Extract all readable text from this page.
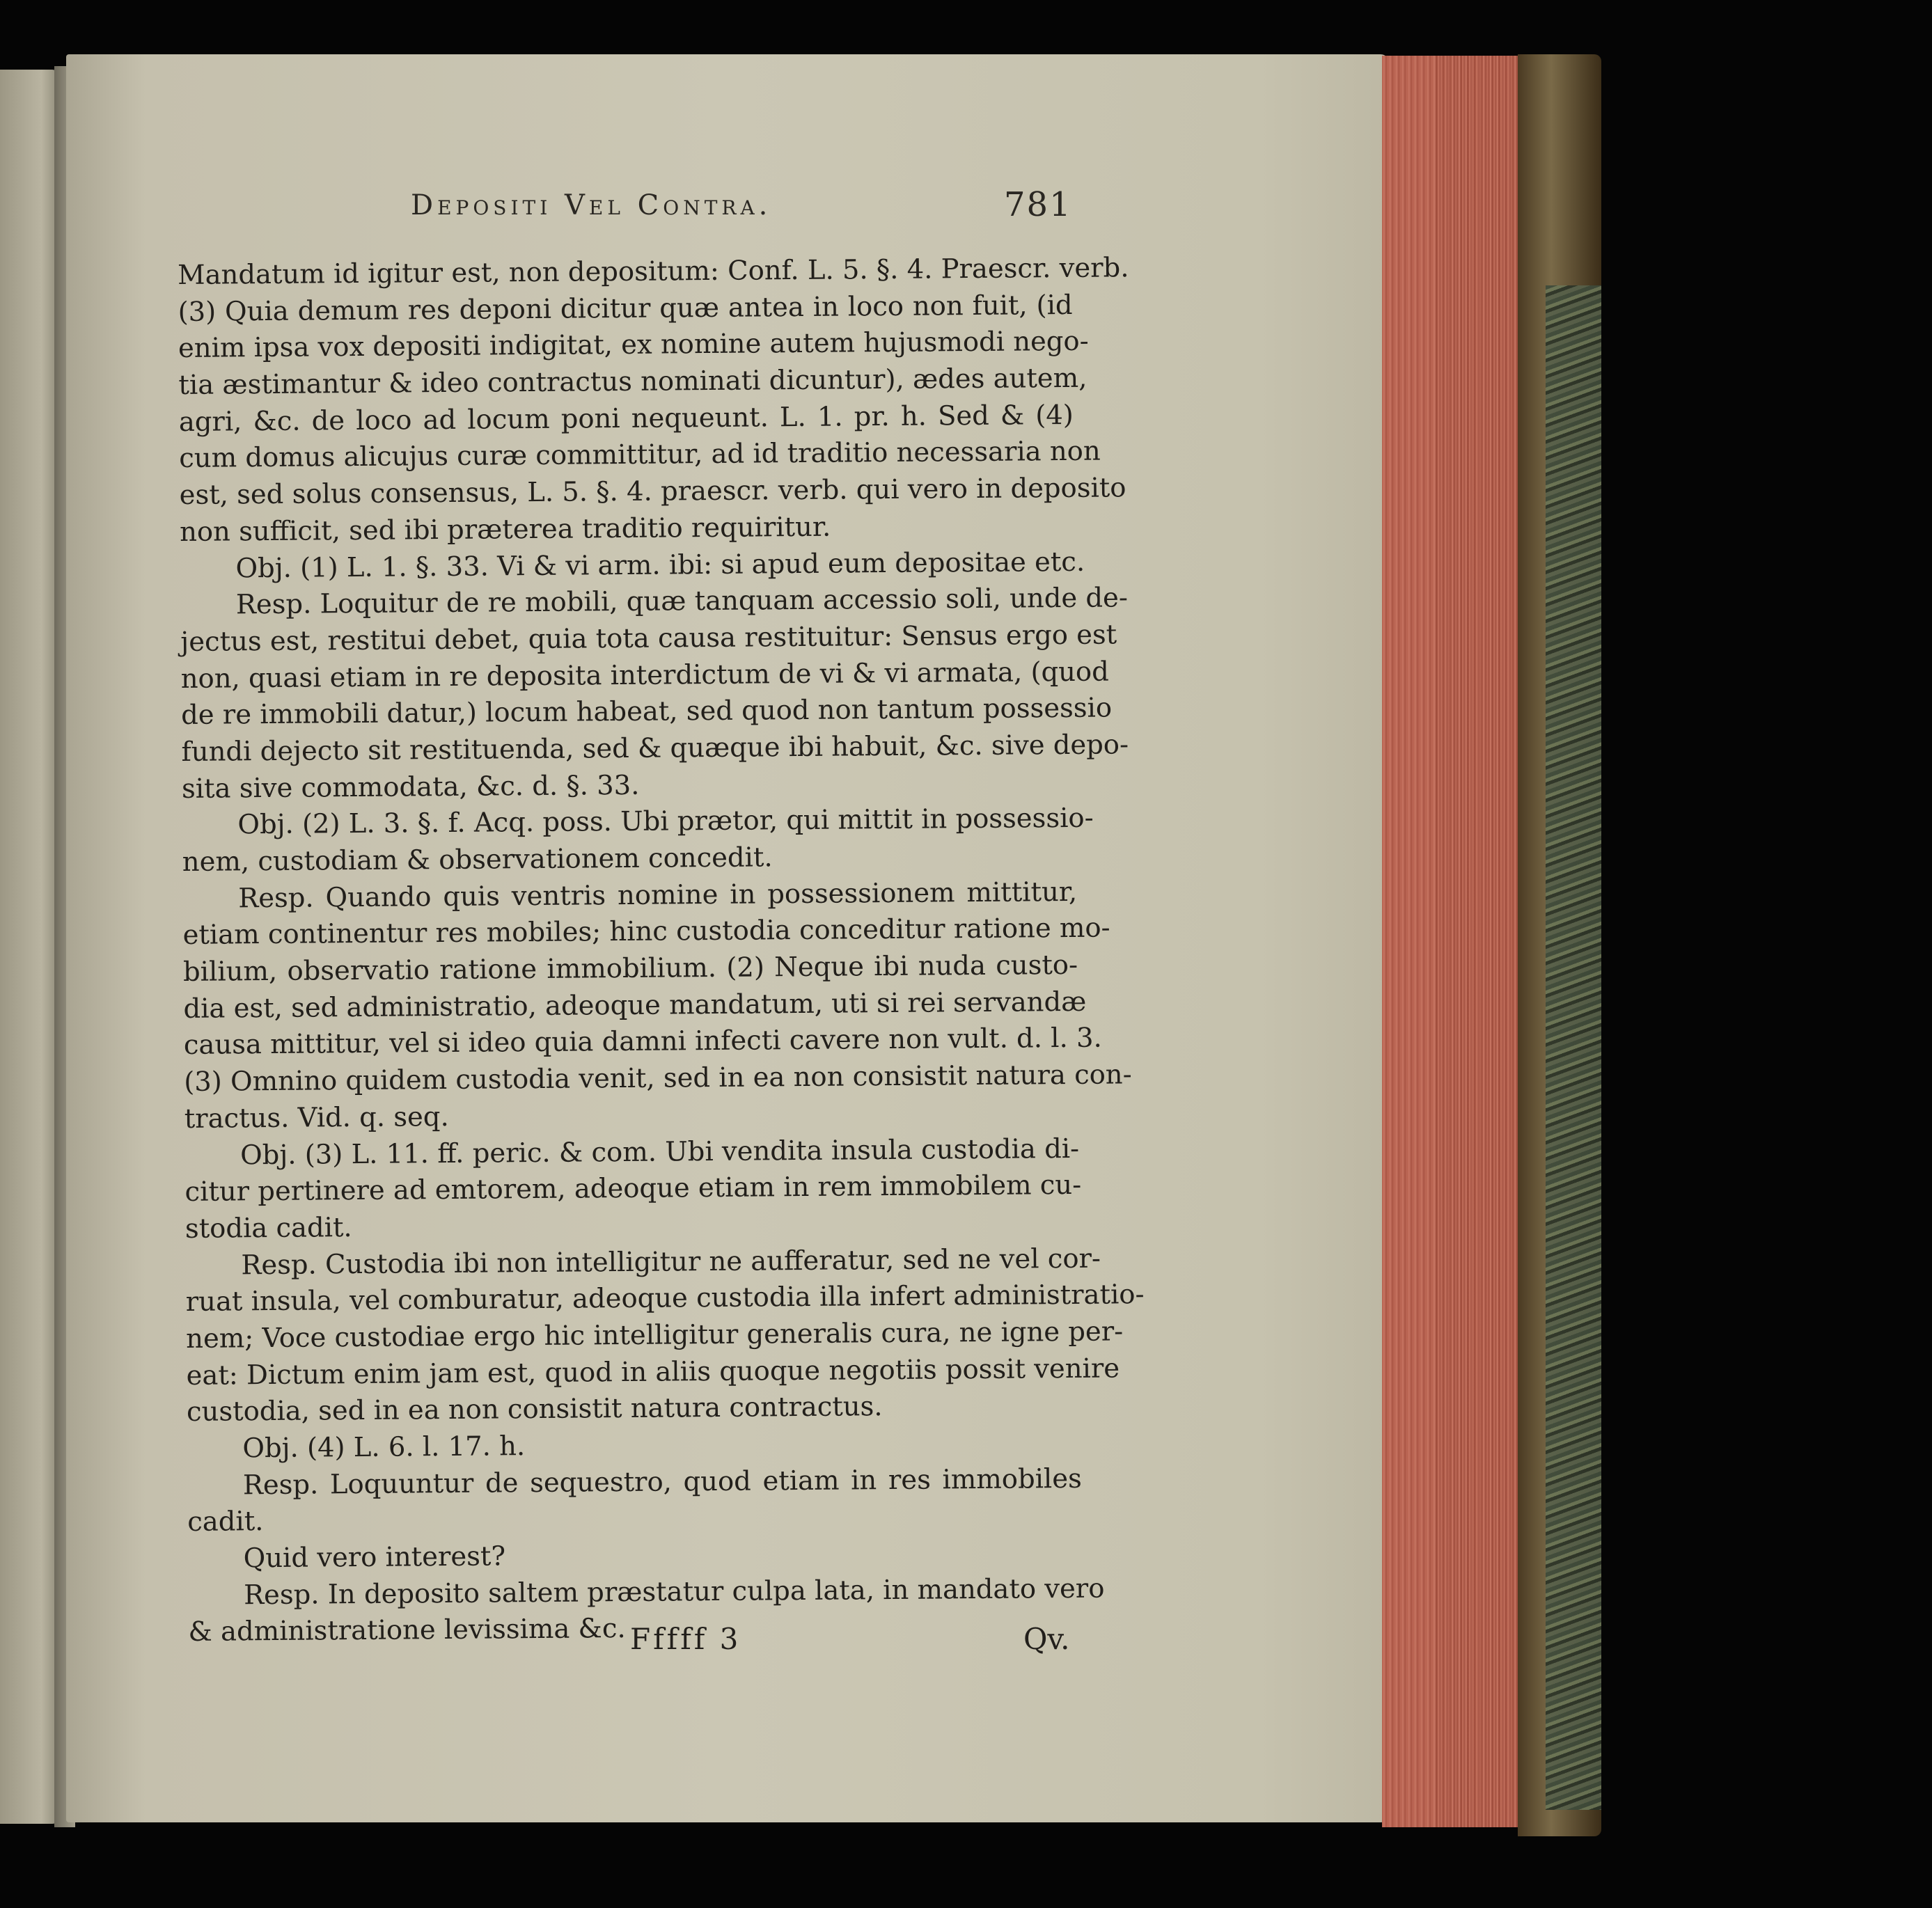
Depositi Vel Contra.	781
Mandatum id igitur est, non depositum: Conf. L. 5. §. 4. Praescr. verb.
(3) Quia demum res deponi dicitur quæ antea in loco non fuit, (id
enim ipsa vox depositi indigitat, ex nomine autem hujusmodi nego-
tia æstimantur & ideo contractus nominati dicuntur), ædes autem,
agri, &c. de loco ad locum poni nequeunt. L. 1. pr. h. Sed & (4)
cum domus alicujus curæ committitur, ad id traditio necessaria non
est, sed solus consensus, L. 5. §. 4. praescr. verb. qui vero in deposito
non sufficit, sed ibi præterea traditio requiritur.
Obj. (1) L. 1. §. 33. Vi & vi arm. ibi: si apud eum depositae etc.
Resp. Loquitur de re mobili, quæ tanquam accessio soli, unde de-
jectus est, restitui debet, quia tota causa restituitur: Sensus ergo est
non, quasi etiam in re deposita interdictum de vi & vi armata, (quod
de re immobili datur,) locum habeat, sed quod non tantum possessio
fundi dejecto sit restituenda, sed & quæque ibi habuit, &c. sive depo-
sita sive commodata, &c. d. §. 33.
Obj. (2) L. 3. §. f. Acq. poss. Ubi prætor, qui mittit in possessio-
nem, custodiam & observationem concedit.
Resp. Quando quis ventris nomine in possessionem mittitur,
etiam continentur res mobiles; hinc custodia conceditur ratione mo-
bilium, observatio ratione immobilium. (2) Neque ibi nuda custo-
dia est, sed administratio, adeoque mandatum, uti si rei servandæ
causa mittitur, vel si ideo quia damni infecti cavere non vult. d. l. 3.
(3) Omnino quidem custodia venit, sed in ea non consistit natura con-
tractus. Vid. q. seq.
Obj. (3) L. 11. ff. peric. & com. Ubi vendita insula custodia di-
citur pertinere ad emtorem, adeoque etiam in rem immobilem cu-
stodia cadit.
Resp. Custodia ibi non intelligitur ne aufferatur, sed ne vel cor-
ruat insula, vel comburatur, adeoque custodia illa infert administratio-
nem; Voce custodiae ergo hic intelligitur generalis cura, ne igne per-
eat: Dictum enim jam est, quod in aliis quoque negotiis possit venire
custodia, sed in ea non consistit natura contractus.
Obj. (4) L. 6. l. 17. h.
Resp. Loquuntur de sequestro, quod etiam in res immobiles
cadit.
Quid vero interest?
Resp. In deposito saltem præstatur culpa lata, in mandato vero
& administratione levissima &c. Fffff 3	Qv.
